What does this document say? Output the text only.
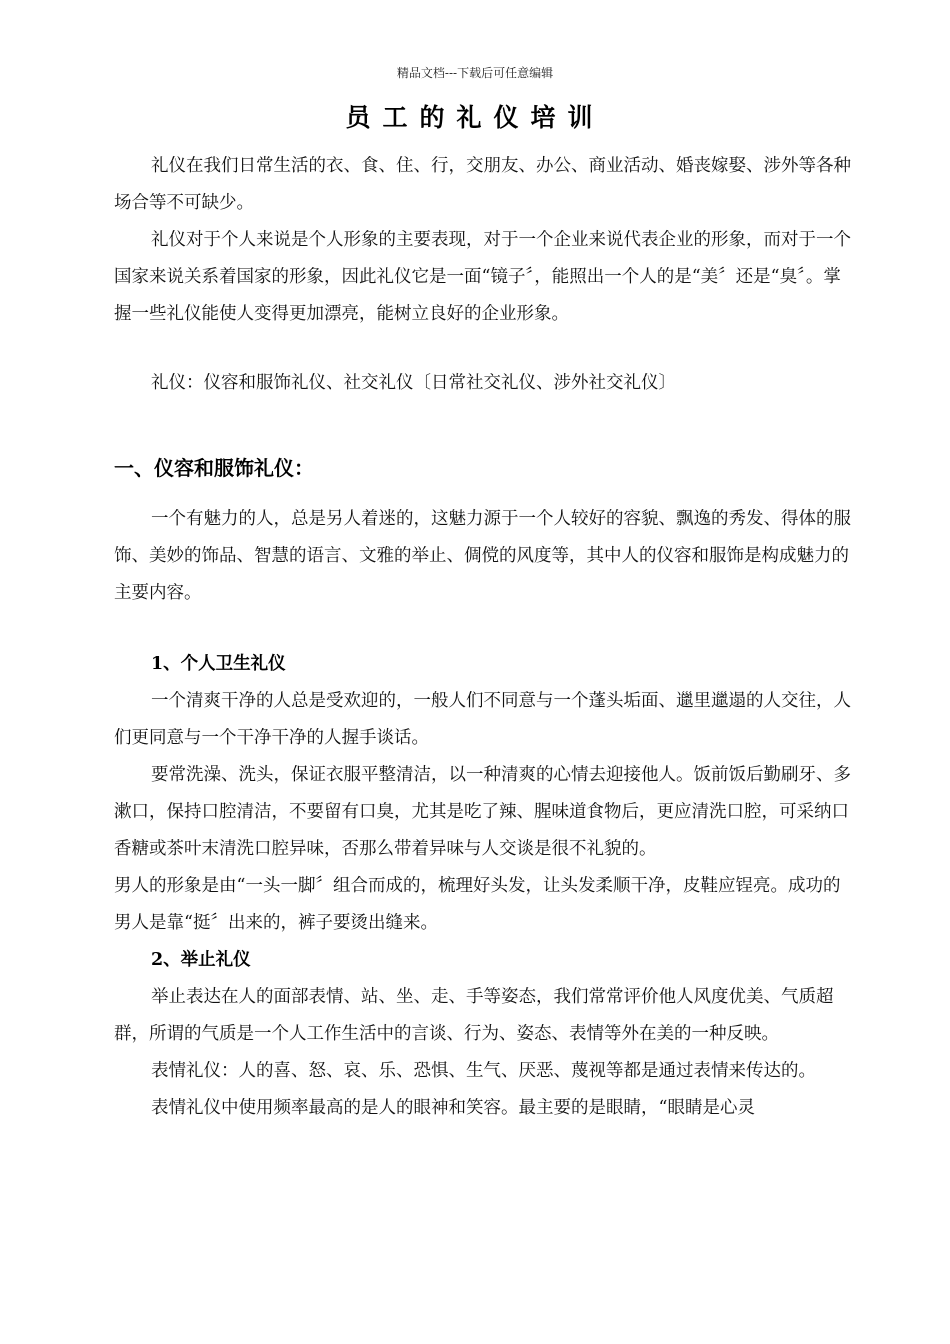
精品文档---下载后可任意编辑
员工的礼仪培训

礼仪在我们日常生活的衣、食、住、行，交朋友、办公、商业活动、婚丧嫁娶、涉外等各种场合等不可缺少。

礼仪对于个人来说是个人形象的主要表现，对于一个企业来说代表企业的形象，而对于一个国家来说关系着国家的形象，因此礼仪它是一面“镜子〞，能照出一个人的是“美〞还是“臭〞。掌握一些礼仪能使人变得更加漂亮，能树立良好的企业形象。

礼仪：仪容和服饰礼仪、社交礼仪〔日常社交礼仪、涉外社交礼仪〕

一、仪容和服饰礼仪：

一个有魅力的人，总是另人着迷的，这魅力源于一个人较好的容貌、飘逸的秀发、得体的服饰、美妙的饰品、智慧的语言、文雅的举止、倜傥的风度等，其中人的仪容和服饰是构成魅力的主要内容。

1、个人卫生礼仪

一个清爽干净的人总是受欢迎的，一般人们不同意与一个蓬头垢面、邋里邋遢的人交往，人们更同意与一个干净干净的人握手谈话。

要常洗澡、洗头，保证衣服平整清洁，以一种清爽的心情去迎接他人。饭前饭后勤刷牙、多漱口，保持口腔清洁，不要留有口臭，尤其是吃了辣、腥味道食物后，更应清洗口腔，可采纳口香糖或茶叶末清洗口腔异味，否那么带着异味与人交谈是很不礼貌的。

男人的形象是由“一头一脚〞组合而成的，梳理好头发，让头发柔顺干净，皮鞋应锃亮。成功的男人是靠“挺〞出来的，裤子要烫出缝来。

2、举止礼仪

举止表达在人的面部表情、站、坐、走、手等姿态，我们常常评价他人风度优美、气质超群，所谓的气质是一个人工作生活中的言谈、行为、姿态、表情等外在美的一种反映。

表情礼仪：人的喜、怒、哀、乐、恐惧、生气、厌恶、蔑视等都是通过表情来传达的。

表情礼仪中使用频率最高的是人的眼神和笑容。最主要的是眼睛，“眼睛是心灵
